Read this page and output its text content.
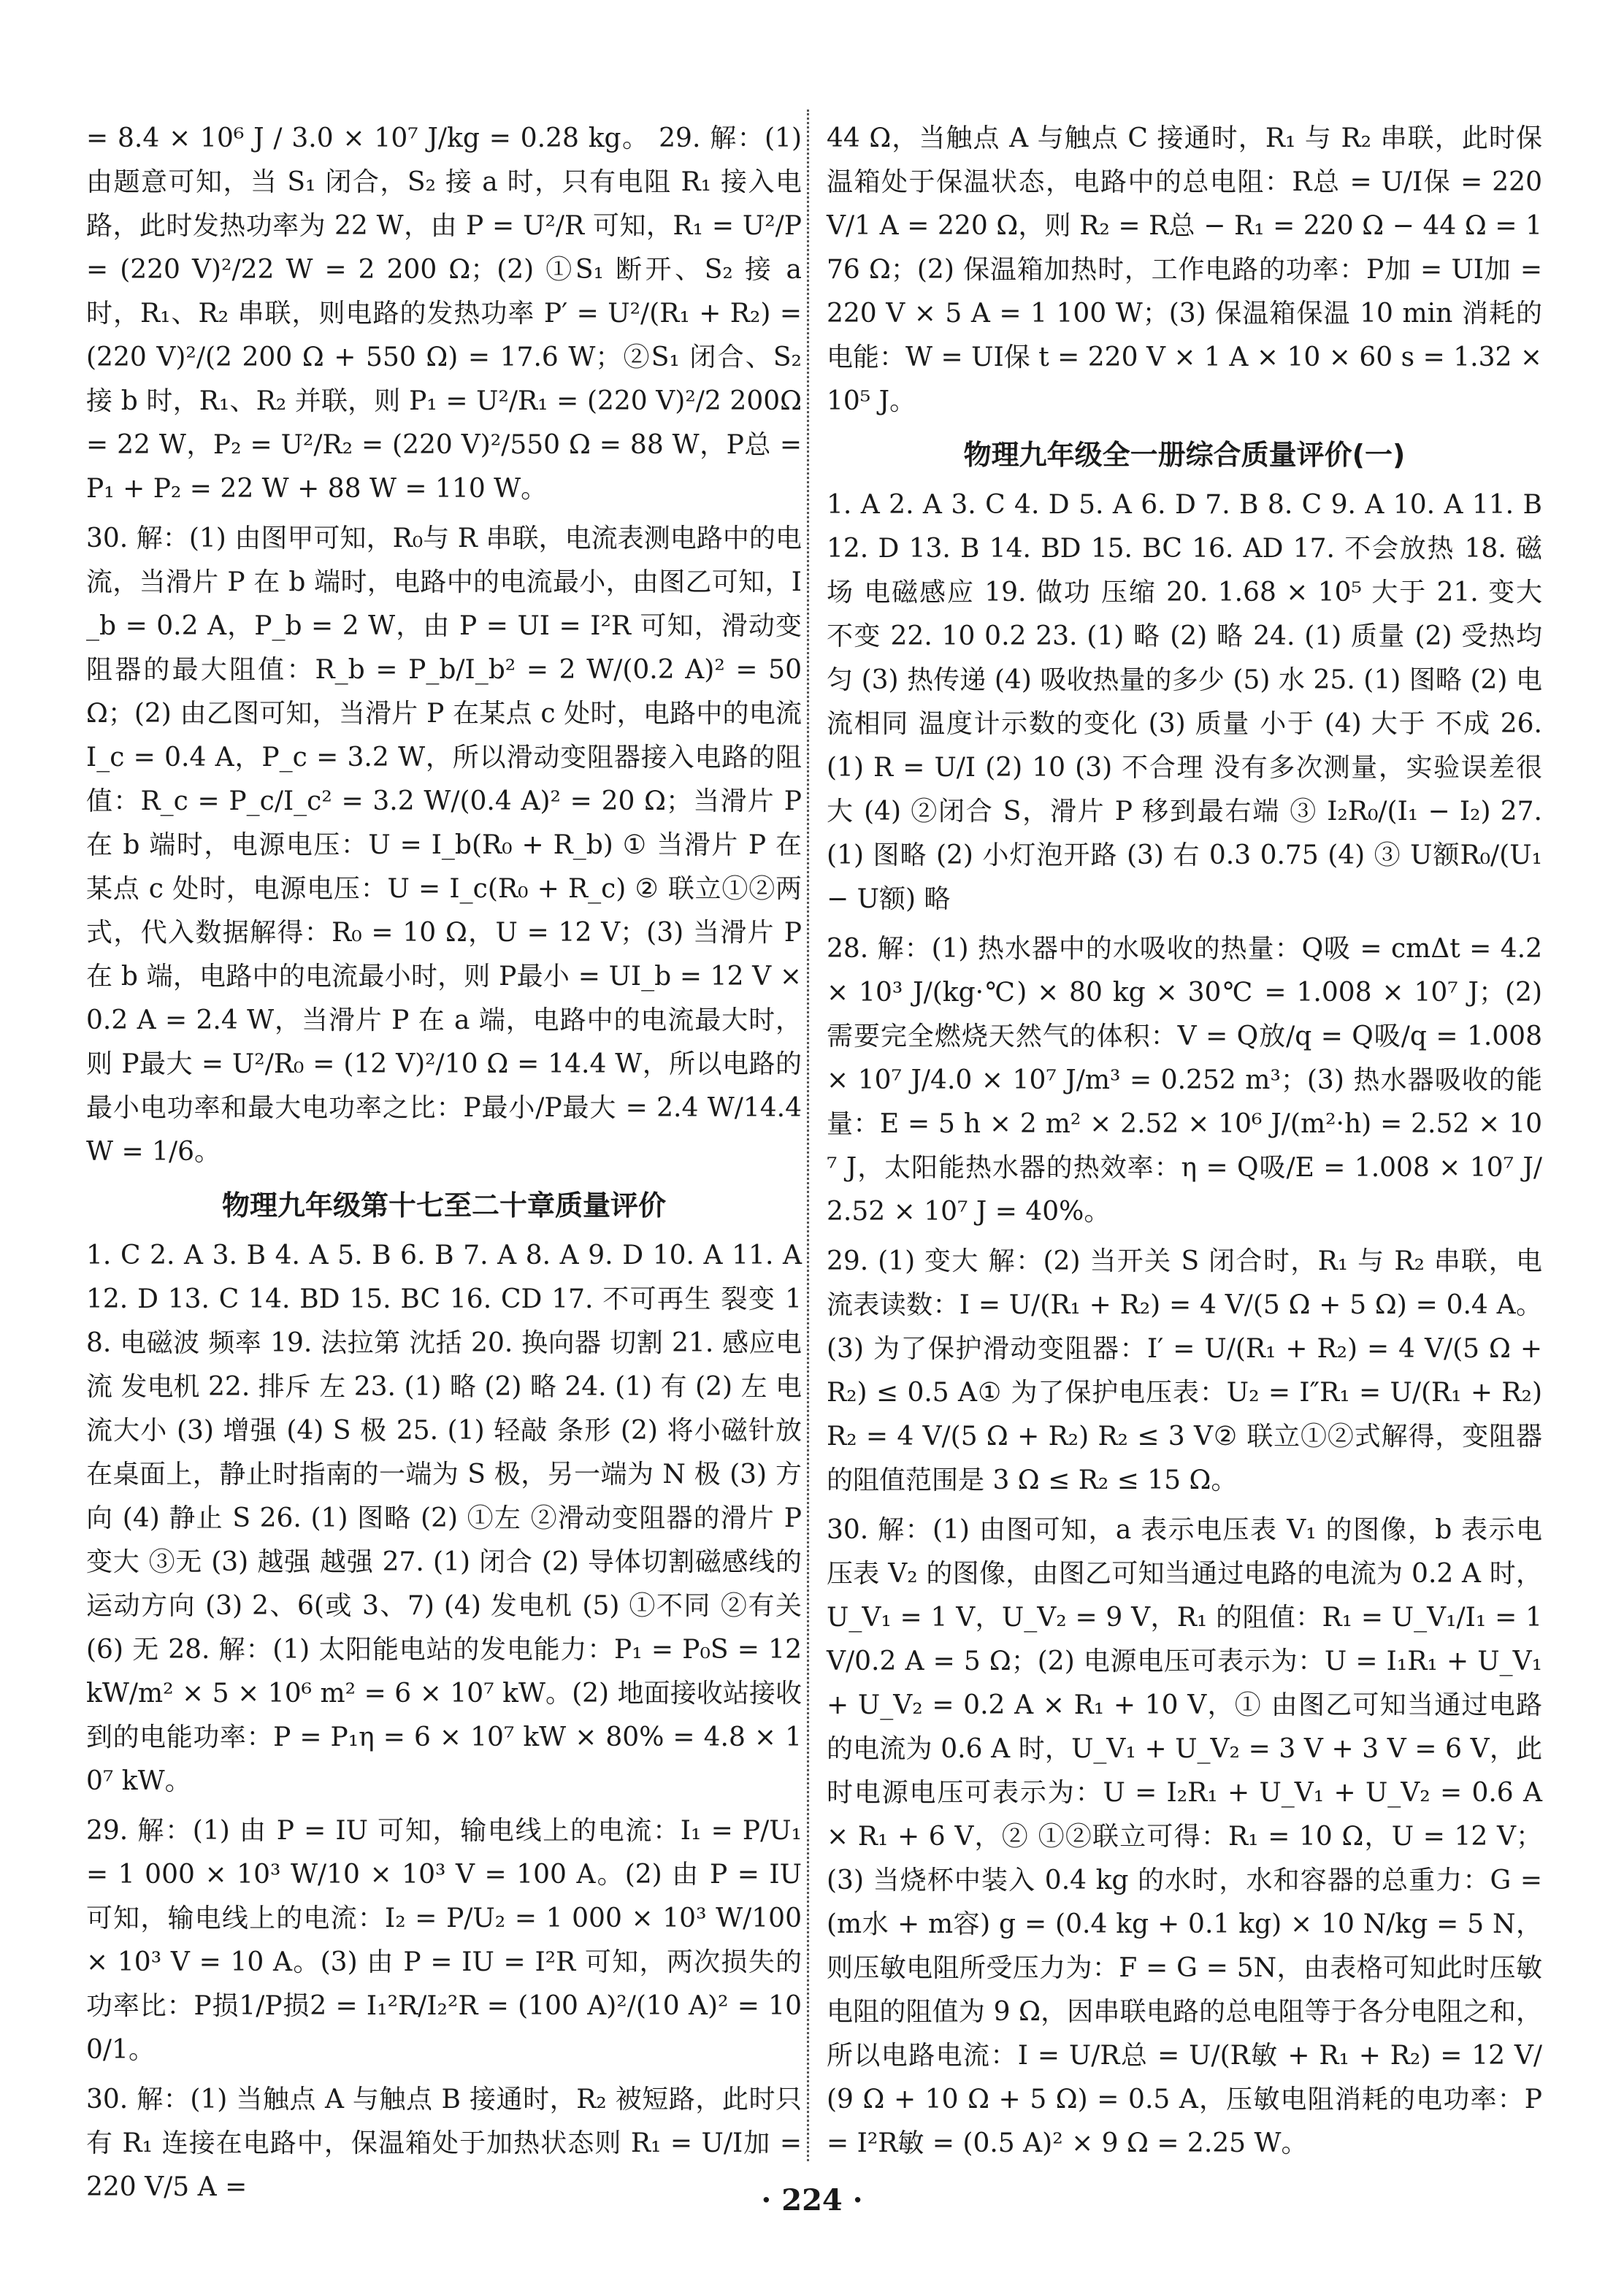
= 8.4 × 10⁶ J / 3.0 × 10⁷ J/kg = 0.28 kg。 29. 解：(1) 由题意可知，当 S₁ 闭合，S₂ 接 a 时，只有电阻 R₁ 接入电路，此时发热功率为 22 W，由 P = U²/R 可知，R₁ = U²/P = (220 V)²/22 W = 2 200 Ω；(2) ①S₁ 断开、S₂ 接 a 时，R₁、R₂ 串联，则电路的发热功率 P′ = U²/(R₁ + R₂) = (220 V)²/(2 200 Ω + 550 Ω) = 17.6 W；②S₁ 闭合、S₂ 接 b 时，R₁、R₂ 并联，则 P₁ = U²/R₁ = (220 V)²/2 200Ω = 22 W，P₂ = U²/R₂ = (220 V)²/550 Ω = 88 W，P总 = P₁ + P₂ = 22 W + 88 W = 110 W。

30. 解：(1) 由图甲可知，R₀与 R 串联，电流表测电路中的电流，当滑片 P 在 b 端时，电路中的电流最小，由图乙可知，I_b = 0.2 A，P_b = 2 W，由 P = UI = I²R 可知，滑动变阻器的最大阻值：R_b = P_b/I_b² = 2 W/(0.2 A)² = 50 Ω；(2) 由乙图可知，当滑片 P 在某点 c 处时，电路中的电流 I_c = 0.4 A，P_c = 3.2 W，所以滑动变阻器接入电路的阻值：R_c = P_c/I_c² = 3.2 W/(0.4 A)² = 20 Ω；当滑片 P 在 b 端时，电源电压：U = I_b(R₀ + R_b) ① 当滑片 P 在某点 c 处时，电源电压：U = I_c(R₀ + R_c) ② 联立①②两式，代入数据解得：R₀ = 10 Ω，U = 12 V；(3) 当滑片 P 在 b 端，电路中的电流最小时，则 P最小 = UI_b = 12 V × 0.2 A = 2.4 W，当滑片 P 在 a 端，电路中的电流最大时，则 P最大 = U²/R₀ = (12 V)²/10 Ω = 14.4 W，所以电路的最小电功率和最大电功率之比：P最小/P最大 = 2.4 W/14.4 W = 1/6。

物理九年级第十七至二十章质量评价

1. C 2. A 3. B 4. A 5. B 6. B 7. A 8. A 9. D 10. A 11. A 12. D 13. C 14. BD 15. BC 16. CD 17. 不可再生 裂变 18. 电磁波 频率 19. 法拉第 沈括 20. 换向器 切割 21. 感应电流 发电机 22. 排斥 左 23. (1) 略 (2) 略 24. (1) 有 (2) 左 电流大小 (3) 增强 (4) S 极 25. (1) 轻敲 条形 (2) 将小磁针放在桌面上，静止时指南的一端为 S 极，另一端为 N 极 (3) 方向 (4) 静止 S 26. (1) 图略 (2) ①左 ②滑动变阻器的滑片 P 变大 ③无 (3) 越强 越强 27. (1) 闭合 (2) 导体切割磁感线的运动方向 (3) 2、6(或 3、7) (4) 发电机 (5) ①不同 ②有关 (6) 无 28. 解：(1) 太阳能电站的发电能力：P₁ = P₀S = 12 kW/m² × 5 × 10⁶ m² = 6 × 10⁷ kW。(2) 地面接收站接收到的电能功率：P = P₁η = 6 × 10⁷ kW × 80% = 4.8 × 10⁷ kW。

29. 解：(1) 由 P = IU 可知，输电线上的电流：I₁ = P/U₁ = 1 000 × 10³ W/10 × 10³ V = 100 A。(2) 由 P = IU 可知，输电线上的电流：I₂ = P/U₂ = 1 000 × 10³ W/100 × 10³ V = 10 A。(3) 由 P = IU = I²R 可知，两次损失的功率比：P损1/P损2 = I₁²R/I₂²R = (100 A)²/(10 A)² = 100/1。

30. 解：(1) 当触点 A 与触点 B 接通时，R₂ 被短路，此时只有 R₁ 连接在电路中，保温箱处于加热状态则 R₁ = U/I加 = 220 V/5 A =

44 Ω，当触点 A 与触点 C 接通时，R₁ 与 R₂ 串联，此时保温箱处于保温状态，电路中的总电阻：R总 = U/I保 = 220 V/1 A = 220 Ω，则 R₂ = R总 − R₁ = 220 Ω − 44 Ω = 176 Ω；(2) 保温箱加热时，工作电路的功率：P加 = UI加 = 220 V × 5 A = 1 100 W；(3) 保温箱保温 10 min 消耗的电能：W = UI保 t = 220 V × 1 A × 10 × 60 s = 1.32 × 10⁵ J。

物理九年级全一册综合质量评价(一)

1. A 2. A 3. C 4. D 5. A 6. D 7. B 8. C 9. A 10. A 11. B 12. D 13. B 14. BD 15. BC 16. AD 17. 不会放热 18. 磁场 电磁感应 19. 做功 压缩 20. 1.68 × 10⁵ 大于 21. 变大 不变 22. 10 0.2 23. (1) 略 (2) 略 24. (1) 质量 (2) 受热均匀 (3) 热传递 (4) 吸收热量的多少 (5) 水 25. (1) 图略 (2) 电流相同 温度计示数的变化 (3) 质量 小于 (4) 大于 不成 26. (1) R = U/I (2) 10 (3) 不合理 没有多次测量，实验误差很大 (4) ②闭合 S，滑片 P 移到最右端 ③ I₂R₀/(I₁ − I₂) 27. (1) 图略 (2) 小灯泡开路 (3) 右 0.3 0.75 (4) ③ U额R₀/(U₁ − U额) 略

28. 解：(1) 热水器中的水吸收的热量：Q吸 = cmΔt = 4.2 × 10³ J/(kg·℃) × 80 kg × 30℃ = 1.008 × 10⁷ J；(2) 需要完全燃烧天然气的体积：V = Q放/q = Q吸/q = 1.008 × 10⁷ J/4.0 × 10⁷ J/m³ = 0.252 m³；(3) 热水器吸收的能量：E = 5 h × 2 m² × 2.52 × 10⁶ J/(m²·h) = 2.52 × 10⁷ J，太阳能热水器的热效率：η = Q吸/E = 1.008 × 10⁷ J/2.52 × 10⁷ J = 40%。

29. (1) 变大 解：(2) 当开关 S 闭合时，R₁ 与 R₂ 串联，电流表读数：I = U/(R₁ + R₂) = 4 V/(5 Ω + 5 Ω) = 0.4 A。(3) 为了保护滑动变阻器：I′ = U/(R₁ + R₂) = 4 V/(5 Ω + R₂) ≤ 0.5 A① 为了保护电压表：U₂ = I″R₁ = U/(R₁ + R₂) R₂ = 4 V/(5 Ω + R₂) R₂ ≤ 3 V② 联立①②式解得，变阻器的阻值范围是 3 Ω ≤ R₂ ≤ 15 Ω。

30. 解：(1) 由图可知，a 表示电压表 V₁ 的图像，b 表示电压表 V₂ 的图像，由图乙可知当通过电路的电流为 0.2 A 时，U_V₁ = 1 V，U_V₂ = 9 V，R₁ 的阻值：R₁ = U_V₁/I₁ = 1 V/0.2 A = 5 Ω；(2) 电源电压可表示为：U = I₁R₁ + U_V₁ + U_V₂ = 0.2 A × R₁ + 10 V，① 由图乙可知当通过电路的电流为 0.6 A 时，U_V₁ + U_V₂ = 3 V + 3 V = 6 V，此时电源电压可表示为：U = I₂R₁ + U_V₁ + U_V₂ = 0.6 A × R₁ + 6 V，② ①②联立可得：R₁ = 10 Ω，U = 12 V；(3) 当烧杯中装入 0.4 kg 的水时，水和容器的总重力：G = (m水 + m容) g = (0.4 kg + 0.1 kg) × 10 N/kg = 5 N，则压敏电阻所受压力为：F = G = 5N，由表格可知此时压敏电阻的阻值为 9 Ω，因串联电路的总电阻等于各分电阻之和，所以电路电流：I = U/R总 = U/(R敏 + R₁ + R₂) = 12 V/(9 Ω + 10 Ω + 5 Ω) = 0.5 A，压敏电阻消耗的电功率：P = I²R敏 = (0.5 A)² × 9 Ω = 2.25 W。

· 224 ·
